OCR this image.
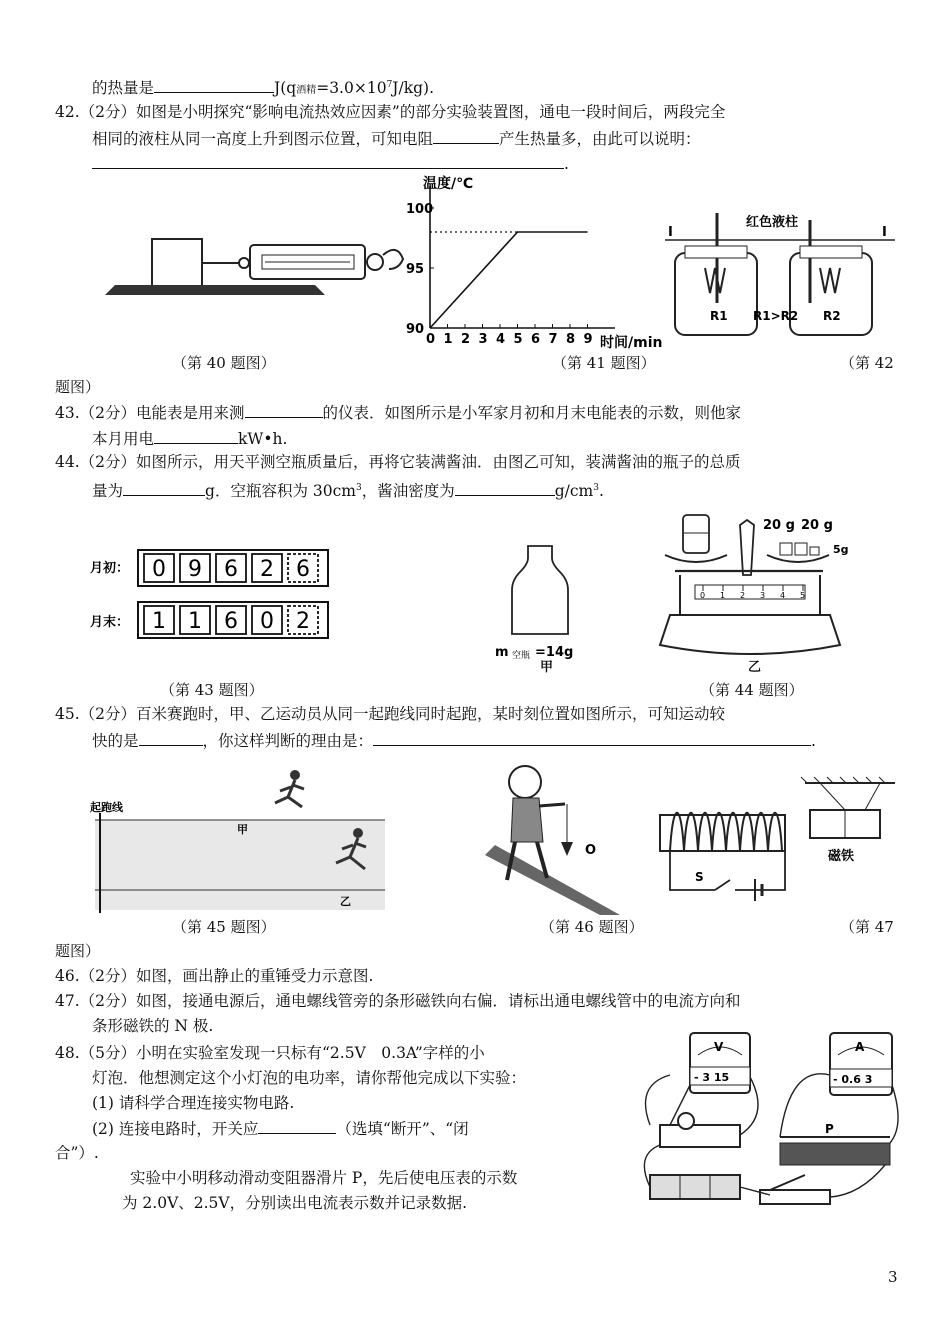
的热量是	J(q酒精$=3.0\times 10^7J/kg$).
42.（2分）如图是小明探究“影响电流热效应因素”的部分实验装置图，通电一段时间后，两段完全
相同的液柱从同一高度上升到图示位置，可知电阻	产生热量多，由此可以说明：
.
温度/℃
时间/min
0 1 2 3 4 5 6 7 8 9
90
95
100
I	I
红色液柱
R1	R2
R1>R2
（第 40 题图）	（第 41 题图）	（第 42
题图）
43.（2分）电能表是用来测	的仪表．如图所示是小军家月初和月末电能表的示数，则他家
本月用电	kW•h.
44.（2分）如图所示，用天平测空瓶质量后，再将它装满酱油．由图乙可知，装满酱油的瓶子的总质
量为	g．空瓶容积为 $30cm^3$，酱油密度为	$g/cm^3$.
月初：
月末：
0 9 6 2 6
1 1 6 0 2
m 空瓶 =14g
甲
20 g 20 g
5g
0 1 2 3 4 5
乙
（第 43 题图）	（第 44 题图）
45.（2分）百米赛跑时，甲、乙运动员从同一起跑线同时起跑，某时刻位置如图所示，可知运动较
快的是	，你这样判断的理由是：	.
起跑线
甲
乙
O	磁铁
S
（第 45 题图）	（第 46 题图）	（第 47
题图）
46.（2分）如图，画出静止的重锤受力示意图.
47.（2分）如图，接通电源后，通电螺线管旁的条形磁铁向右偏．请标出通电螺线管中的电流方向和
条形磁铁的 N 极.
48.（5分）小明在实验室发现一只标有“2.5V　0.3A”字样的小
灯泡．他想测定这个小灯泡的电功率，请你帮他完成以下实验：
(1) 请科学合理连接实物电路.
(2) 连接电路时，开关应	（选填“断开”、“闭
合”）.
实验中小明移动滑动变阻器滑片 P，先后使电压表的示数
为 2.0V、2.5V，分别读出电流表示数并记录数据.
V
- 3 15
A
- 0.6 3
P
3
